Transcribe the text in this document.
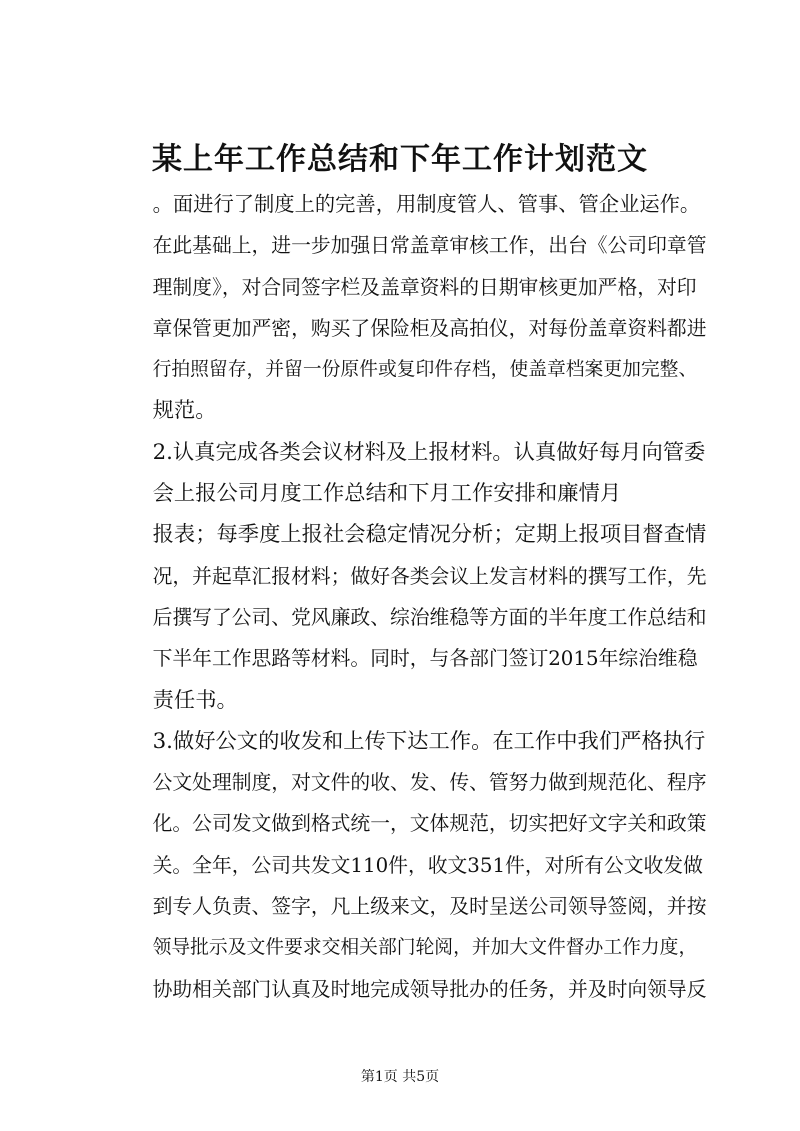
某上年工作总结和下年工作计划范文

。面进行了制度上的完善，用制度管人、管事、管企业运作。
在此基础上，进一步加强日常盖章审核工作，出台《公司印章管
理制度》，对合同签字栏及盖章资料的日期审核更加严格，对印
章保管更加严密，购买了保险柜及高拍仪，对每份盖章资料都进
行拍照留存，并留一份原件或复印件存档，使盖章档案更加完整、
规范。

2.认真完成各类会议材料及上报材料。认真做好每月向管委
会上报公司月度工作总结和下月工作安排和廉情月

报表；每季度上报社会稳定情况分析；定期上报项目督查情
况，并起草汇报材料；做好各类会议上发言材料的撰写工作，先
后撰写了公司、党风廉政、综治维稳等方面的半年度工作总结和
下半年工作思路等材料。同时，与各部门签订2015年综治维稳
责任书。

3.做好公文的收发和上传下达工作。在工作中我们严格执行
公文处理制度，对文件的收、发、传、管努力做到规范化、程序
化。公司发文做到格式统一，文体规范，切实把好文字关和政策
关。全年，公司共发文110件，收文351件，对所有公文收发做
到专人负责、签字，凡上级来文，及时呈送公司领导签阅，并按
领导批示及文件要求交相关部门轮阅，并加大文件督办工作力度，
协助相关部门认真及时地完成领导批办的任务，并及时向领导反

第1页 共5页
